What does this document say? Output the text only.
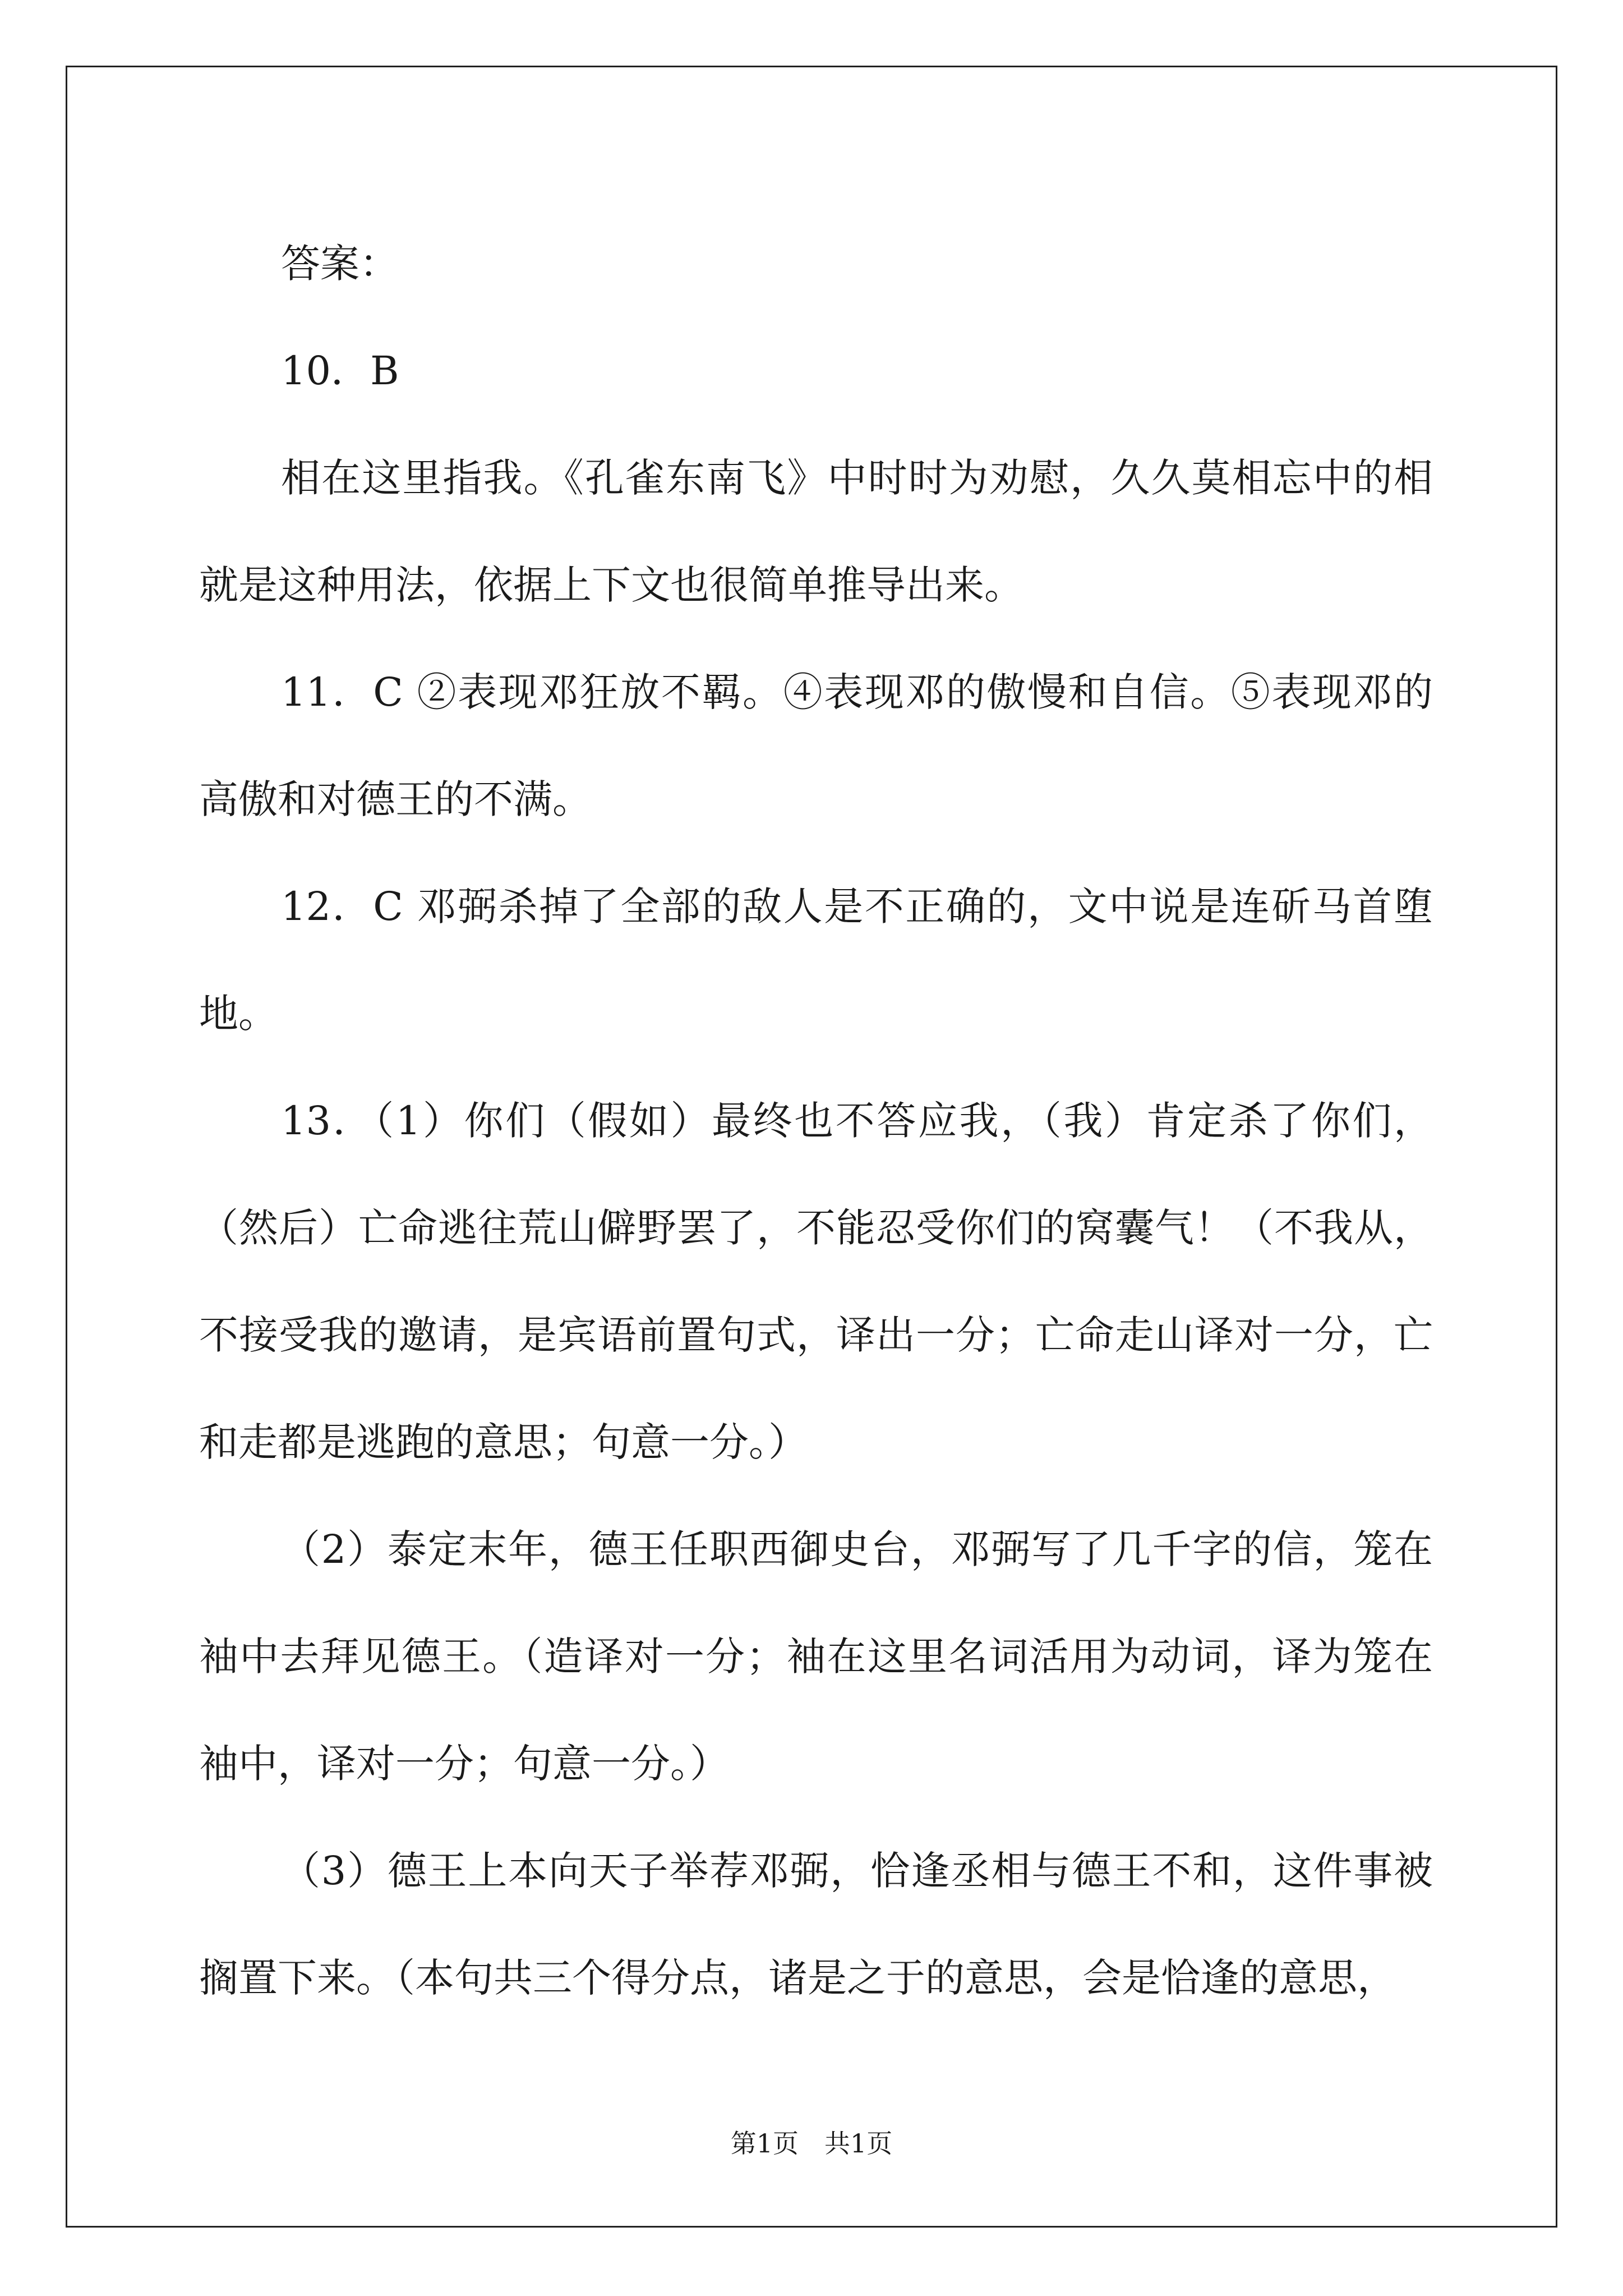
答案：

10．B

相在这里指我。《孔雀东南飞》中时时为劝慰，久久莫相忘中的相就是这种用法，依据上下文也很简单推导出来。

11．C ②表现邓狂放不羁。④表现邓的傲慢和自信。⑤表现邓的高傲和对德王的不满。

12．C 邓弼杀掉了全部的敌人是不正确的，文中说是连斫马首堕地。

13．（1）你们（假如）最终也不答应我，（我）肯定杀了你们，（然后）亡命逃往荒山僻野罢了，不能忍受你们的窝囊气！（不我从，不接受我的邀请，是宾语前置句式，译出一分；亡命走山译对一分，亡和走都是逃跑的意思；句意一分。）

（2）泰定末年，德王任职西御史台，邓弼写了几千字的信，笼在袖中去拜见德王。（造译对一分；袖在这里名词活用为动词，译为笼在袖中，译对一分；句意一分。）

（3）德王上本向天子举荐邓弼，恰逢丞相与德王不和，这件事被搁置下来。（本句共三个得分点，诸是之于的意思，会是恰逢的意思，

第1页　共1页
